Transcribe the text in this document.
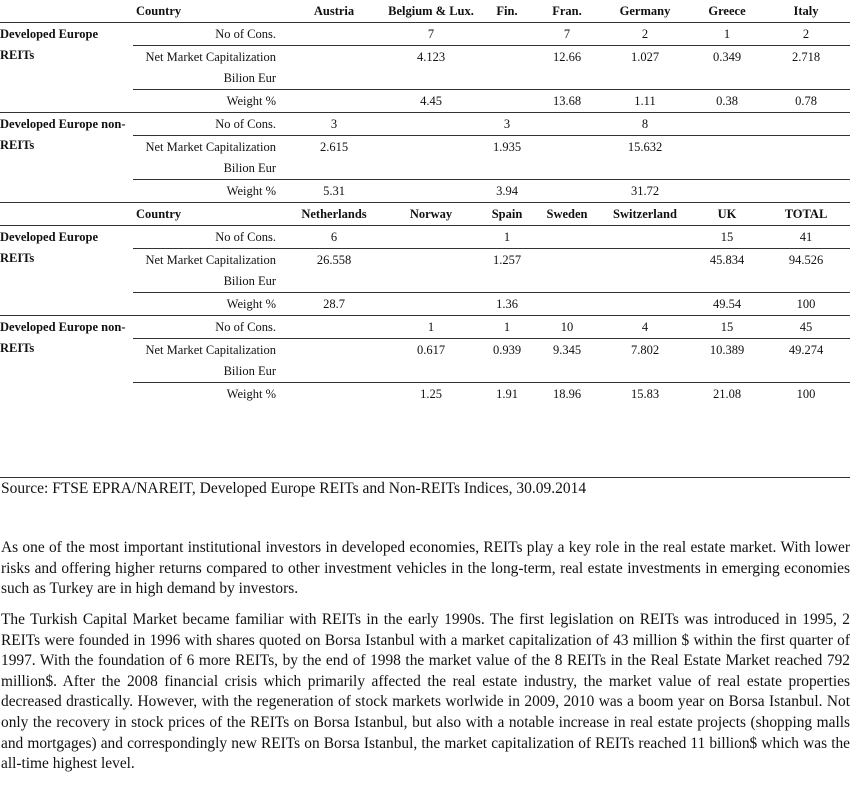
Country		Austria	Belgium & Lux.	Fin.	Fran.	Germany	Greece	Italy
Developed Europe REITs	No of Cons.		7		7	2	1	2
	Net Market Capitalization Bilion Eur		4.123		12.66	1.027	0.349	2.718
	Weight %		4.45		13.68	1.11	0.38	0.78
Developed Europe non-REITs	No of Cons.	3		3		8		
	Net Market Capitalization Bilion Eur	2.615		1.935		15.632		
	Weight %	5.31		3.94		31.72		
Country		Netherlands	Norway	Spain	Sweden	Switzerland	UK	TOTAL
Developed Europe REITs	No of Cons.	6		1			15	41
	Net Market Capitalization Bilion Eur	26.558		1.257			45.834	94.526
	Weight %	28.7		1.36			49.54	100
Developed Europe non-REITs	No of Cons.		1	1	10	4	15	45
	Net Market Capitalization Bilion Eur		0.617	0.939	9.345	7.802	10.389	49.274
	Weight %		1.25	1.91	18.96	15.83	21.08	100
Source: FTSE EPRA/NAREIT, Developed Europe REITs and Non-REITs Indices, 30.09.2014

As one of the most important institutional investors in developed economies, REITs play a key role in the real estate market. With lower risks and offering higher returns compared to other investment vehicles in the long-term, real estate investments in emerging economies such as Turkey are in high demand by investors.

The Turkish Capital Market became familiar with REITs in the early 1990s. The first legislation on REITs was introduced in 1995, 2 REITs were founded in 1996 with shares quoted on Borsa Istanbul with a market capitalization of 43 million $ within the first quarter of 1997. With the foundation of 6 more REITs, by the end of 1998 the market value of the 8 REITs in the Real Estate Market reached 792 million$. After the 2008 financial crisis which primarily affected the real estate industry, the market value of real estate properties decreased drastically. However, with the regeneration of stock markets worlwide in 2009, 2010 was a boom year on Borsa Istanbul. Not only the recovery in stock prices of the REITs on Borsa Istanbul, but also with a notable increase in real estate projects (shopping malls and mortgages) and correspondingly new REITs on Borsa Istanbul, the market capitalization of REITs reached 11 billion$ which was the all-time highest level.
